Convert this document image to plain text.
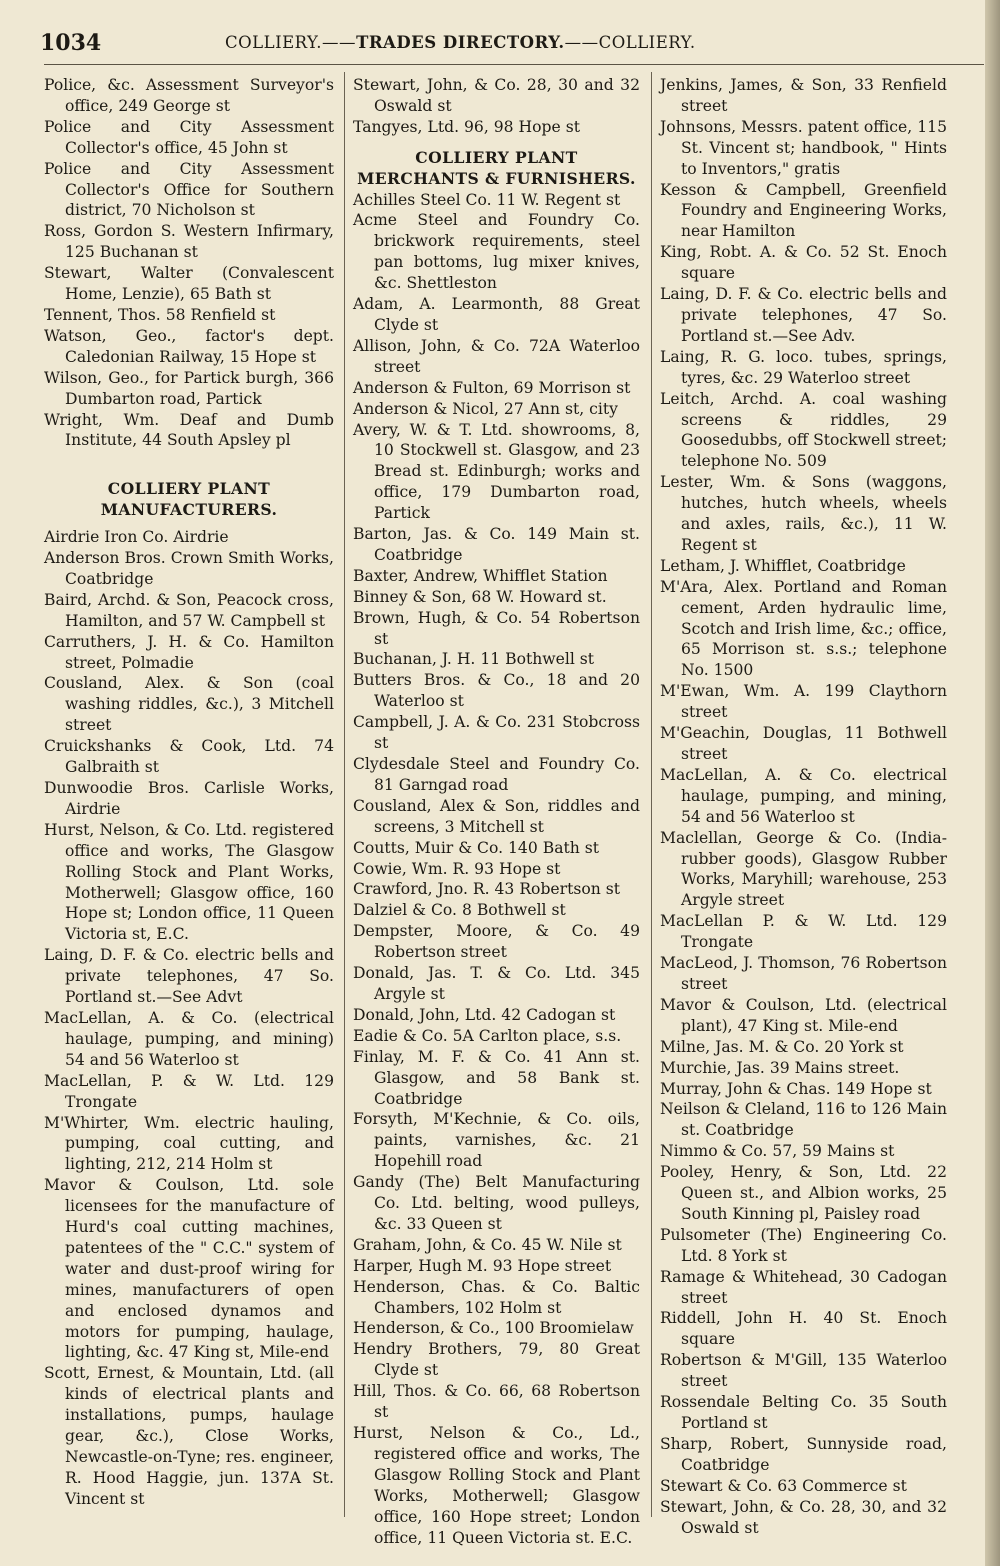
1034	COLLIERY.——TRADES DIRECTORY.——COLLIERY.

Police, &c. Assessment Surveyor's office, 249 George st

Police and City Assessment Collector's office, 45 John st

Police and City Assessment Collector's Office for Southern district, 70 Nicholson st

Ross, Gordon S. Western Infirmary, 125 Buchanan st

Stewart, Walter (Convalescent Home, Lenzie), 65 Bath st

Tennent, Thos. 58 Renfield st

Watson, Geo., factor's dept. Caledonian Railway, 15 Hope st

Wilson, Geo., for Partick burgh, 366 Dumbarton road, Partick

Wright, Wm. Deaf and Dumb Institute, 44 South Apsley pl

COLLIERY PLANT MANUFACTURERS.

Airdrie Iron Co. Airdrie

Anderson Bros. Crown Smith Works, Coatbridge

Baird, Archd. & Son, Peacock cross, Hamilton, and 57 W. Campbell st

Carruthers, J. H. & Co. Hamilton street, Polmadie

Cousland, Alex. & Son (coal washing riddles, &c.), 3 Mitchell street

Cruickshanks & Cook, Ltd. 74 Galbraith st

Dunwoodie Bros. Carlisle Works, Airdrie

Hurst, Nelson, & Co. Ltd. registered office and works, The Glasgow Rolling Stock and Plant Works, Motherwell; Glasgow office, 160 Hope st; London office, 11 Queen Victoria st, E.C.

Laing, D. F. & Co. electric bells and private telephones, 47 So. Portland st.—See Advt

MacLellan, A. & Co. (electrical haulage, pumping, and mining) 54 and 56 Waterloo st

MacLellan, P. & W. Ltd. 129 Trongate

M'Whirter, Wm. electric hauling, pumping, coal cutting, and lighting, 212, 214 Holm st

Mavor & Coulson, Ltd. sole licensees for the manufacture of Hurd's coal cutting machines, patentees of the " C.C." system of water and dust-proof wiring for mines, manufacturers of open and enclosed dynamos and motors for pumping, haulage, lighting, &c. 47 King st, Mile-end

Scott, Ernest, & Mountain, Ltd. (all kinds of electrical plants and installations, pumps, haulage gear, &c.), Close Works, Newcastle-on-Tyne; res. engineer, R. Hood Haggie, jun. 137A St. Vincent st

Stewart, John, & Co. 28, 30 and 32 Oswald st

Tangyes, Ltd. 96, 98 Hope st

COLLIERY PLANT
MERCHANTS & FURNISHERS.

Achilles Steel Co. 11 W. Regent st

Acme Steel and Foundry Co. brickwork requirements, steel pan bottoms, lug mixer knives, &c. Shettleston

Adam, A. Learmonth, 88 Great Clyde st

Allison, John, & Co. 72A Waterloo street

Anderson & Fulton, 69 Morrison st

Anderson & Nicol, 27 Ann st, city

Avery, W. & T. Ltd. showrooms, 8, 10 Stockwell st. Glasgow, and 23 Bread st. Edinburgh; works and office, 179 Dumbarton road, Partick

Barton, Jas. & Co. 149 Main st. Coatbridge

Baxter, Andrew, Whifflet Station

Binney & Son, 68 W. Howard st.

Brown, Hugh, & Co. 54 Robertson st

Buchanan, J. H. 11 Bothwell st

Butters Bros. & Co., 18 and 20 Waterloo st

Campbell, J. A. & Co. 231 Stobcross st

Clydesdale Steel and Foundry Co. 81 Garngad road

Cousland, Alex & Son, riddles and screens, 3 Mitchell st

Coutts, Muir & Co. 140 Bath st

Cowie, Wm. R. 93 Hope st

Crawford, Jno. R. 43 Robertson st

Dalziel & Co. 8 Bothwell st

Dempster, Moore, & Co. 49 Robertson street

Donald, Jas. T. & Co. Ltd. 345 Argyle st

Donald, John, Ltd. 42 Cadogan st

Eadie & Co. 5A Carlton place, s.s.

Finlay, M. F. & Co. 41 Ann st. Glasgow, and 58 Bank st. Coatbridge

Forsyth, M'Kechnie, & Co. oils, paints, varnishes, &c. 21 Hopehill road

Gandy (The) Belt Manufacturing Co. Ltd. belting, wood pulleys, &c. 33 Queen st

Graham, John, & Co. 45 W. Nile st

Harper, Hugh M. 93 Hope street

Henderson, Chas. & Co. Baltic Chambers, 102 Holm st

Henderson, & Co., 100 Broomielaw

Hendry Brothers, 79, 80 Great Clyde st

Hill, Thos. & Co. 66, 68 Robertson st

Hurst, Nelson & Co., Ld., registered office and works, The Glasgow Rolling Stock and Plant Works, Motherwell; Glasgow office, 160 Hope street; London office, 11 Queen Victoria st. E.C.

Jenkins, James, & Son, 33 Renfield street

Johnsons, Messrs. patent office, 115 St. Vincent st; handbook, " Hints to Inventors," gratis

Kesson & Campbell, Greenfield Foundry and Engineering Works, near Hamilton

King, Robt. A. & Co. 52 St. Enoch square

Laing, D. F. & Co. electric bells and private telephones, 47 So. Portland st.—See Adv.

Laing, R. G. loco. tubes, springs, tyres, &c. 29 Waterloo street

Leitch, Archd. A. coal washing screens & riddles, 29 Goosedubbs, off Stockwell street; telephone No. 509

Lester, Wm. & Sons (waggons, hutches, hutch wheels, wheels and axles, rails, &c.), 11 W. Regent st

Letham, J. Whifflet, Coatbridge

M'Ara, Alex. Portland and Roman cement, Arden hydraulic lime, Scotch and Irish lime, &c.; office, 65 Morrison st. s.s.; telephone No. 1500

M'Ewan, Wm. A. 199 Claythorn street

M'Geachin, Douglas, 11 Bothwell street

MacLellan, A. & Co. electrical haulage, pumping, and mining, 54 and 56 Waterloo st

Maclellan, George & Co. (India-rubber goods), Glasgow Rubber Works, Maryhill; warehouse, 253 Argyle street

MacLellan P. & W. Ltd. 129 Trongate

MacLeod, J. Thomson, 76 Robertson street

Mavor & Coulson, Ltd. (electrical plant), 47 King st. Mile-end

Milne, Jas. M. & Co. 20 York st

Murchie, Jas. 39 Mains street.

Murray, John & Chas. 149 Hope st

Neilson & Cleland, 116 to 126 Main st. Coatbridge

Nimmo & Co. 57, 59 Mains st

Pooley, Henry, & Son, Ltd. 22 Queen st., and Albion works, 25 South Kinning pl, Paisley road

Pulsometer (The) Engineering Co. Ltd. 8 York st

Ramage & Whitehead, 30 Cadogan street

Riddell, John H. 40 St. Enoch square

Robertson & M'Gill, 135 Waterloo street

Rossendale Belting Co. 35 South Portland st

Sharp, Robert, Sunnyside road, Coatbridge

Stewart & Co. 63 Commerce st

Stewart, John, & Co. 28, 30, and 32 Oswald st
